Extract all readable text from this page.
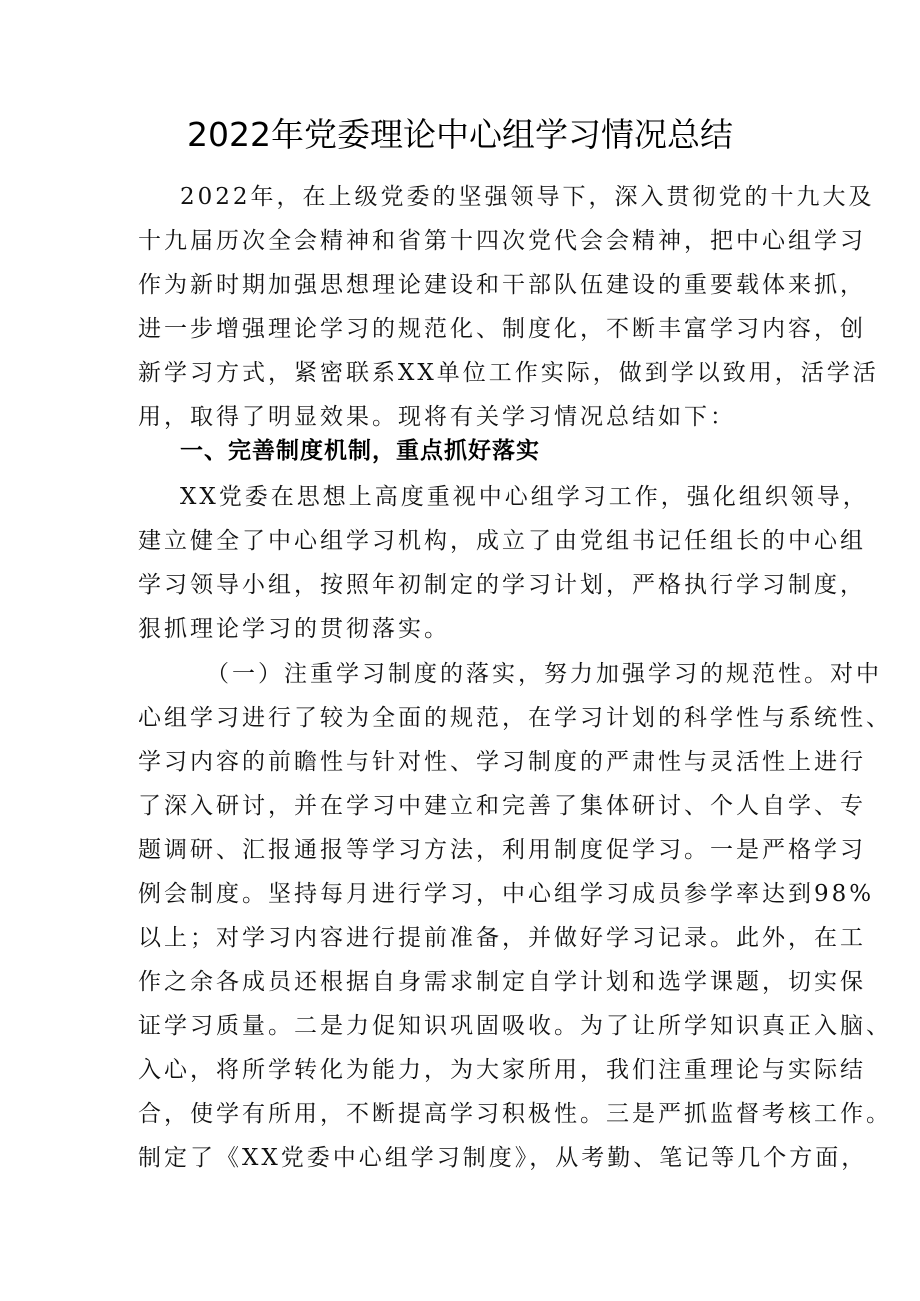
2022年党委理论中心组学习情况总结
2022年，在上级党委的坚强领导下，深入贯彻党的十九大及
十九届历次全会精神和省第十四次党代会会精神，把中心组学习
作为新时期加强思想理论建设和干部队伍建设的重要载体来抓，
进一步增强理论学习的规范化、制度化，不断丰富学习内容，创
新学习方式，紧密联系XX单位工作实际，做到学以致用，活学活
用，取得了明显效果。现将有关学习情况总结如下：
一、完善制度机制，重点抓好落实
XX党委在思想上高度重视中心组学习工作，强化组织领导，
建立健全了中心组学习机构，成立了由党组书记任组长的中心组
学习领导小组，按照年初制定的学习计划，严格执行学习制度，
狠抓理论学习的贯彻落实。
（一）注重学习制度的落实，努力加强学习的规范性。对中
心组学习进行了较为全面的规范，在学习计划的科学性与系统性、
学习内容的前瞻性与针对性、学习制度的严肃性与灵活性上进行
了深入研讨，并在学习中建立和完善了集体研讨、个人自学、专
题调研、汇报通报等学习方法，利用制度促学习。一是严格学习
例会制度。坚持每月进行学习，中心组学习成员参学率达到98%
以上；对学习内容进行提前准备，并做好学习记录。此外，在工
作之余各成员还根据自身需求制定自学计划和选学课题，切实保
证学习质量。二是力促知识巩固吸收。为了让所学知识真正入脑、
入心，将所学转化为能力，为大家所用，我们注重理论与实际结
合，使学有所用，不断提高学习积极性。三是严抓监督考核工作。
制定了《XX党委中心组学习制度》，从考勤、笔记等几个方面，
